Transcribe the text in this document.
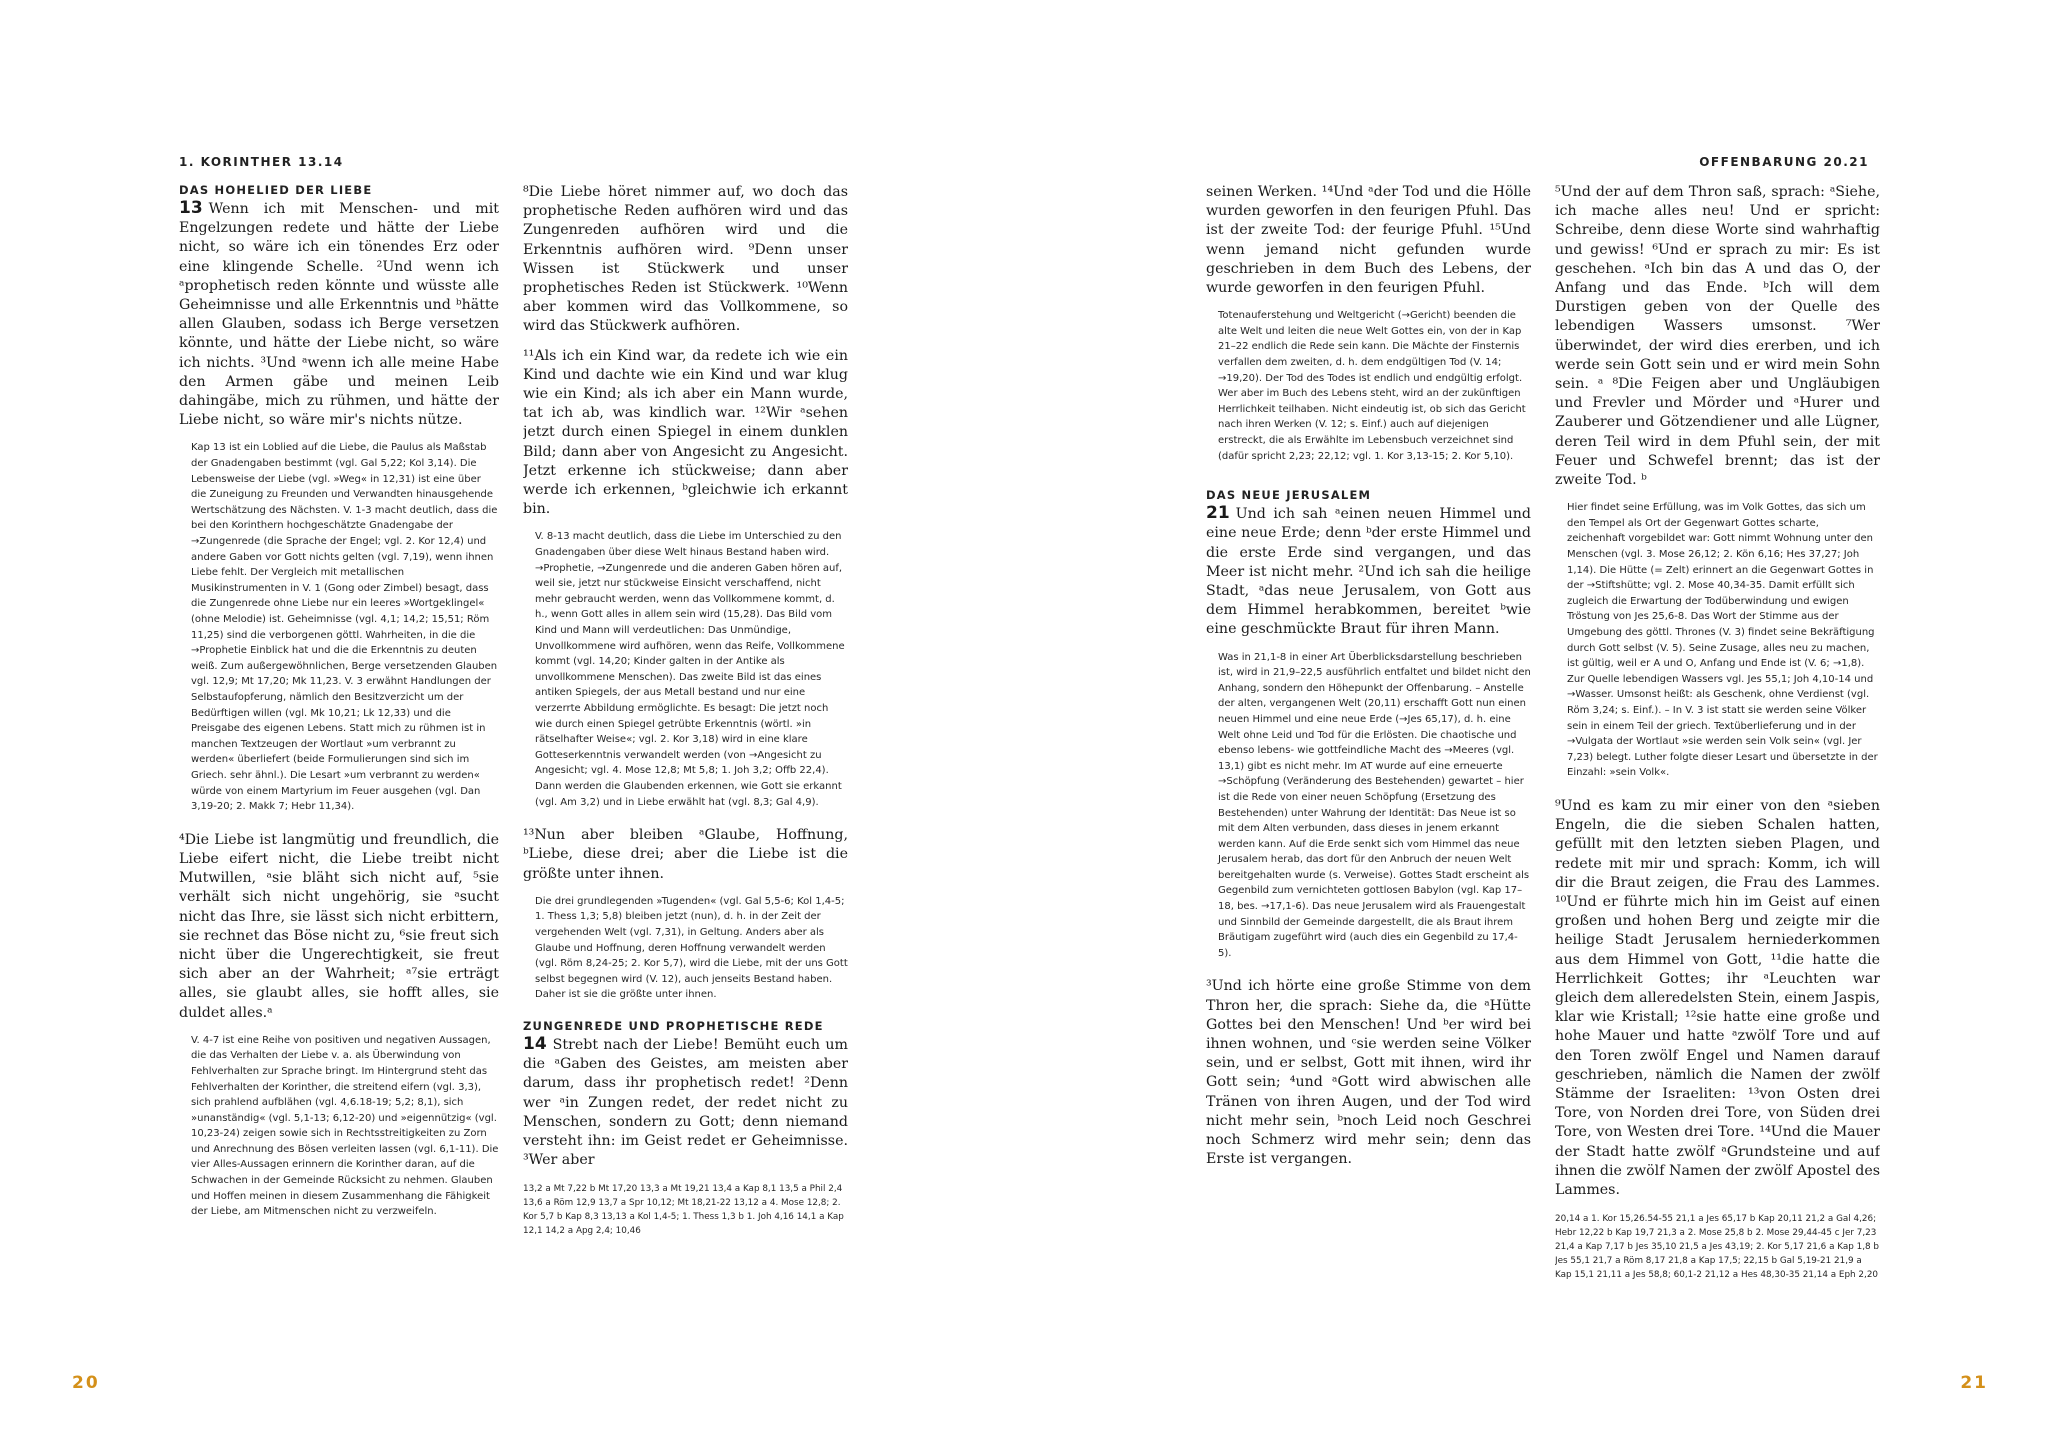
1. KORINTHER 13.14
DAS HOHELIED DER LIEBE

13 Wenn ich mit Menschen- und mit Engelzungen redete und hätte der Liebe nicht, so wäre ich ein tönendes Erz oder eine klingende Schelle. ²Und wenn ich ᵃprophetisch reden könnte und wüsste alle Geheimnisse und alle Erkenntnis und ᵇhätte allen Glauben, sodass ich Berge versetzen könnte, und hätte der Liebe nicht, so wäre ich nichts. ³Und ᵃwenn ich alle meine Habe den Armen gäbe und meinen Leib dahingäbe, mich zu rühmen, und hätte der Liebe nicht, so wäre mir's nichts nütze.

Kap 13 ist ein Loblied auf die Liebe, die Paulus als Maßstab der Gnadengaben bestimmt (vgl. Gal 5,22; Kol 3,14). Die Lebensweise der Liebe (vgl. »Weg« in 12,31) ist eine über die Zuneigung zu Freunden und Verwandten hinausgehende Wertschätzung des Nächsten. V. 1-3 macht deutlich, dass die bei den Korinthern hochgeschätzte Gnadengabe der →Zungenrede (die Sprache der Engel; vgl. 2. Kor 12,4) und andere Gaben vor Gott nichts gelten (vgl. 7,19), wenn ihnen Liebe fehlt. Der Vergleich mit metallischen Musikinstrumenten in V. 1 (Gong oder Zimbel) besagt, dass die Zungenrede ohne Liebe nur ein leeres »Wortgeklingel« (ohne Melodie) ist. Geheimnisse (vgl. 4,1; 14,2; 15,51; Röm 11,25) sind die verborgenen göttl. Wahrheiten, in die die →Prophetie Einblick hat und die die Erkenntnis zu deuten weiß. Zum außergewöhnlichen, Berge versetzenden Glauben vgl. 12,9; Mt 17,20; Mk 11,23. V. 3 erwähnt Handlungen der Selbstaufopferung, nämlich den Besitzverzicht um der Bedürftigen willen (vgl. Mk 10,21; Lk 12,33) und die Preisgabe des eigenen Lebens. Statt mich zu rühmen ist in manchen Textzeugen der Wortlaut »um verbrannt zu werden« überliefert (beide Formulierungen sind sich im Griech. sehr ähnl.). Die Lesart »um verbrannt zu werden« würde von einem Martyrium im Feuer ausgehen (vgl. Dan 3,19-20; 2. Makk 7; Hebr 11,34).

⁴Die Liebe ist langmütig und freundlich, die Liebe eifert nicht, die Liebe treibt nicht Mutwillen, ᵃsie bläht sich nicht auf, ⁵sie verhält sich nicht ungehörig, sie ᵃsucht nicht das Ihre, sie lässt sich nicht erbittern, sie rechnet das Böse nicht zu, ⁶sie freut sich nicht über die Ungerechtigkeit, sie freut sich aber an der Wahrheit; ᵃ⁷sie erträgt alles, sie glaubt alles, sie hofft alles, sie duldet alles.ᵃ

V. 4-7 ist eine Reihe von positiven und negativen Aussagen, die das Verhalten der Liebe v. a. als Überwindung von Fehlverhalten zur Sprache bringt. Im Hintergrund steht das Fehlverhalten der Korinther, die streitend eifern (vgl. 3,3), sich prahlend aufblähen (vgl. 4,6.18-19; 5,2; 8,1), sich »unanständig« (vgl. 5,1-13; 6,12-20) und »eigennützig« (vgl. 10,23-24) zeigen sowie sich in Rechtsstreitigkeiten zu Zorn und Anrechnung des Bösen verleiten lassen (vgl. 6,1-11). Die vier Alles-Aussagen erinnern die Korinther daran, auf die Schwachen in der Gemeinde Rücksicht zu nehmen. Glauben und Hoffen meinen in diesem Zusammenhang die Fähigkeit der Liebe, am Mitmenschen nicht zu verzweifeln.

⁸Die Liebe höret nimmer auf, wo doch das prophetische Reden aufhören wird und das Zungenreden aufhören wird und die Erkenntnis aufhören wird. ⁹Denn unser Wissen ist Stückwerk und unser prophetisches Reden ist Stückwerk. ¹⁰Wenn aber kommen wird das Vollkommene, so wird das Stückwerk aufhören.

¹¹Als ich ein Kind war, da redete ich wie ein Kind und dachte wie ein Kind und war klug wie ein Kind; als ich aber ein Mann wurde, tat ich ab, was kindlich war. ¹²Wir ᵃsehen jetzt durch einen Spiegel in einem dunklen Bild; dann aber von Angesicht zu Angesicht. Jetzt erkenne ich stückweise; dann aber werde ich erkennen, ᵇgleichwie ich erkannt bin.

V. 8-13 macht deutlich, dass die Liebe im Unterschied zu den Gnadengaben über diese Welt hinaus Bestand haben wird. →Prophetie, →Zungenrede und die anderen Gaben hören auf, weil sie, jetzt nur stückweise Einsicht verschaffend, nicht mehr gebraucht werden, wenn das Vollkommene kommt, d. h., wenn Gott alles in allem sein wird (15,28). Das Bild vom Kind und Mann will verdeutlichen: Das Unmündige, Unvollkommene wird aufhören, wenn das Reife, Vollkommene kommt (vgl. 14,20; Kinder galten in der Antike als unvollkommene Menschen). Das zweite Bild ist das eines antiken Spiegels, der aus Metall bestand und nur eine verzerrte Abbildung ermöglichte. Es besagt: Die jetzt noch wie durch einen Spiegel getrübte Erkenntnis (wörtl. »in rätselhafter Weise«; vgl. 2. Kor 3,18) wird in eine klare Gotteserkenntnis verwandelt werden (von →Angesicht zu Angesicht; vgl. 4. Mose 12,8; Mt 5,8; 1. Joh 3,2; Offb 22,4). Dann werden die Glaubenden erkennen, wie Gott sie erkannt (vgl. Am 3,2) und in Liebe erwählt hat (vgl. 8,3; Gal 4,9).

¹³Nun aber bleiben ᵃGlaube, Hoffnung, ᵇLiebe, diese drei; aber die Liebe ist die größte unter ihnen.

Die drei grundlegenden »Tugenden« (vgl. Gal 5,5-6; Kol 1,4-5; 1. Thess 1,3; 5,8) bleiben jetzt (nun), d. h. in der Zeit der vergehenden Welt (vgl. 7,31), in Geltung. Anders aber als Glaube und Hoffnung, deren Hoffnung verwandelt werden (vgl. Röm 8,24-25; 2. Kor 5,7), wird die Liebe, mit der uns Gott selbst begegnen wird (V. 12), auch jenseits Bestand haben. Daher ist sie die größte unter ihnen.
ZUNGENREDE UND PROPHETISCHE REDE

14 Strebt nach der Liebe! Bemüht euch um die ᵃGaben des Geistes, am meisten aber darum, dass ihr prophetisch redet! ²Denn wer ᵃin Zungen redet, der redet nicht zu Menschen, sondern zu Gott; denn niemand versteht ihn: im Geist redet er Geheimnisse. ³Wer aber

13,2 a Mt 7,22 b Mt 17,20 13,3 a Mt 19,21 13,4 a Kap 8,1 13,5 a Phil 2,4 13,6 a Röm 12,9 13,7 a Spr 10,12; Mt 18,21-22 13,12 a 4. Mose 12,8; 2. Kor 5,7 b Kap 8,3 13,13 a Kol 1,4-5; 1. Thess 1,3 b 1. Joh 4,16 14,1 a Kap 12,1 14,2 a Apg 2,4; 10,46
20
OFFENBARUNG 20.21

seinen Werken. ¹⁴Und ᵃder Tod und die Hölle wurden geworfen in den feurigen Pfuhl. Das ist der zweite Tod: der feurige Pfuhl. ¹⁵Und wenn jemand nicht gefunden wurde geschrieben in dem Buch des Lebens, der wurde geworfen in den feurigen Pfuhl.

Totenauferstehung und Weltgericht (→Gericht) beenden die alte Welt und leiten die neue Welt Gottes ein, von der in Kap 21–22 endlich die Rede sein kann. Die Mächte der Finsternis verfallen dem zweiten, d. h. dem endgültigen Tod (V. 14; →19,20). Der Tod des Todes ist endlich und endgültig erfolgt. Wer aber im Buch des Lebens steht, wird an der zukünftigen Herrlichkeit teilhaben. Nicht eindeutig ist, ob sich das Gericht nach ihren Werken (V. 12; s. Einf.) auch auf diejenigen erstreckt, die als Erwählte im Lebensbuch verzeichnet sind (dafür spricht 2,23; 22,12; vgl. 1. Kor 3,13-15; 2. Kor 5,10).
DAS NEUE JERUSALEM

21 Und ich sah ᵃeinen neuen Himmel und eine neue Erde; denn ᵇder erste Himmel und die erste Erde sind vergangen, und das Meer ist nicht mehr. ²Und ich sah die heilige Stadt, ᵃdas neue Jerusalem, von Gott aus dem Himmel herabkommen, bereitet ᵇwie eine geschmückte Braut für ihren Mann.

Was in 21,1-8 in einer Art Überblicksdarstellung beschrieben ist, wird in 21,9–22,5 ausführlich entfaltet und bildet nicht den Anhang, sondern den Höhepunkt der Offenbarung. – Anstelle der alten, vergangenen Welt (20,11) erschafft Gott nun einen neuen Himmel und eine neue Erde (→Jes 65,17), d. h. eine Welt ohne Leid und Tod für die Erlösten. Die chaotische und ebenso lebens- wie gottfeindliche Macht des →Meeres (vgl. 13,1) gibt es nicht mehr. Im AT wurde auf eine erneuerte →Schöpfung (Veränderung des Bestehenden) gewartet – hier ist die Rede von einer neuen Schöpfung (Ersetzung des Bestehenden) unter Wahrung der Identität: Das Neue ist so mit dem Alten verbunden, dass dieses in jenem erkannt werden kann. Auf die Erde senkt sich vom Himmel das neue Jerusalem herab, das dort für den Anbruch der neuen Welt bereitgehalten wurde (s. Verweise). Gottes Stadt erscheint als Gegenbild zum vernichteten gottlosen Babylon (vgl. Kap 17–18, bes. →17,1-6). Das neue Jerusalem wird als Frauengestalt und Sinnbild der Gemeinde dargestellt, die als Braut ihrem Bräutigam zugeführt wird (auch dies ein Gegenbild zu 17,4-5).

³Und ich hörte eine große Stimme von dem Thron her, die sprach: Siehe da, die ᵃHütte Gottes bei den Menschen! Und ᵇer wird bei ihnen wohnen, und ᶜsie werden seine Völker sein, und er selbst, Gott mit ihnen, wird ihr Gott sein; ⁴und ᵃGott wird abwischen alle Tränen von ihren Augen, und der Tod wird nicht mehr sein, ᵇnoch Leid noch Geschrei noch Schmerz wird mehr sein; denn das Erste ist vergangen.

⁵Und der auf dem Thron saß, sprach: ᵃSiehe, ich mache alles neu! Und er spricht: Schreibe, denn diese Worte sind wahrhaftig und gewiss! ⁶Und er sprach zu mir: Es ist geschehen. ᵃIch bin das A und das O, der Anfang und das Ende. ᵇIch will dem Durstigen geben von der Quelle des lebendigen Wassers umsonst. ⁷Wer überwindet, der wird dies ererben, und ich werde sein Gott sein und er wird mein Sohn sein. ᵃ ⁸Die Feigen aber und Ungläubigen und Frevler und Mörder und ᵃHurer und Zauberer und Götzendiener und alle Lügner, deren Teil wird in dem Pfuhl sein, der mit Feuer und Schwefel brennt; das ist der zweite Tod. ᵇ

Hier findet seine Erfüllung, was im Volk Gottes, das sich um den Tempel als Ort der Gegenwart Gottes scharte, zeichenhaft vorgebildet war: Gott nimmt Wohnung unter den Menschen (vgl. 3. Mose 26,12; 2. Kön 6,16; Hes 37,27; Joh 1,14). Die Hütte (= Zelt) erinnert an die Gegenwart Gottes in der →Stiftshütte; vgl. 2. Mose 40,34-35. Damit erfüllt sich zugleich die Erwartung der Todüberwindung und ewigen Tröstung von Jes 25,6-8. Das Wort der Stimme aus der Umgebung des göttl. Thrones (V. 3) findet seine Bekräftigung durch Gott selbst (V. 5). Seine Zusage, alles neu zu machen, ist gültig, weil er A und O, Anfang und Ende ist (V. 6; →1,8). Zur Quelle lebendigen Wassers vgl. Jes 55,1; Joh 4,10-14 und →Wasser. Umsonst heißt: als Geschenk, ohne Verdienst (vgl. Röm 3,24; s. Einf.). – In V. 3 ist statt sie werden seine Völker sein in einem Teil der griech. Textüberlieferung und in der →Vulgata der Wortlaut »sie werden sein Volk sein« (vgl. Jer 7,23) belegt. Luther folgte dieser Lesart und übersetzte in der Einzahl: »sein Volk«.

⁹Und es kam zu mir einer von den ᵃsieben Engeln, die die sieben Schalen hatten, gefüllt mit den letzten sieben Plagen, und redete mit mir und sprach: Komm, ich will dir die Braut zeigen, die Frau des Lammes. ¹⁰Und er führte mich hin im Geist auf einen großen und hohen Berg und zeigte mir die heilige Stadt Jerusalem herniederkommen aus dem Himmel von Gott, ¹¹die hatte die Herrlichkeit Gottes; ihr ᵃLeuchten war gleich dem alleredelsten Stein, einem Jaspis, klar wie Kristall; ¹²sie hatte eine große und hohe Mauer und hatte ᵃzwölf Tore und auf den Toren zwölf Engel und Namen darauf geschrieben, nämlich die Namen der zwölf Stämme der Israeliten: ¹³von Osten drei Tore, von Norden drei Tore, von Süden drei Tore, von Westen drei Tore. ¹⁴Und die Mauer der Stadt hatte zwölf ᵃGrundsteine und auf ihnen die zwölf Namen der zwölf Apostel des Lammes.

20,14 a 1. Kor 15,26.54-55 21,1 a Jes 65,17 b Kap 20,11 21,2 a Gal 4,26; Hebr 12,22 b Kap 19,7 21,3 a 2. Mose 25,8 b 2. Mose 29,44-45 c Jer 7,23 21,4 a Kap 7,17 b Jes 35,10 21,5 a Jes 43,19; 2. Kor 5,17 21,6 a Kap 1,8 b Jes 55,1 21,7 a Röm 8,17 21,8 a Kap 17,5; 22,15 b Gal 5,19-21 21,9 a Kap 15,1 21,11 a Jes 58,8; 60,1-2 21,12 a Hes 48,30-35 21,14 a Eph 2,20
21
